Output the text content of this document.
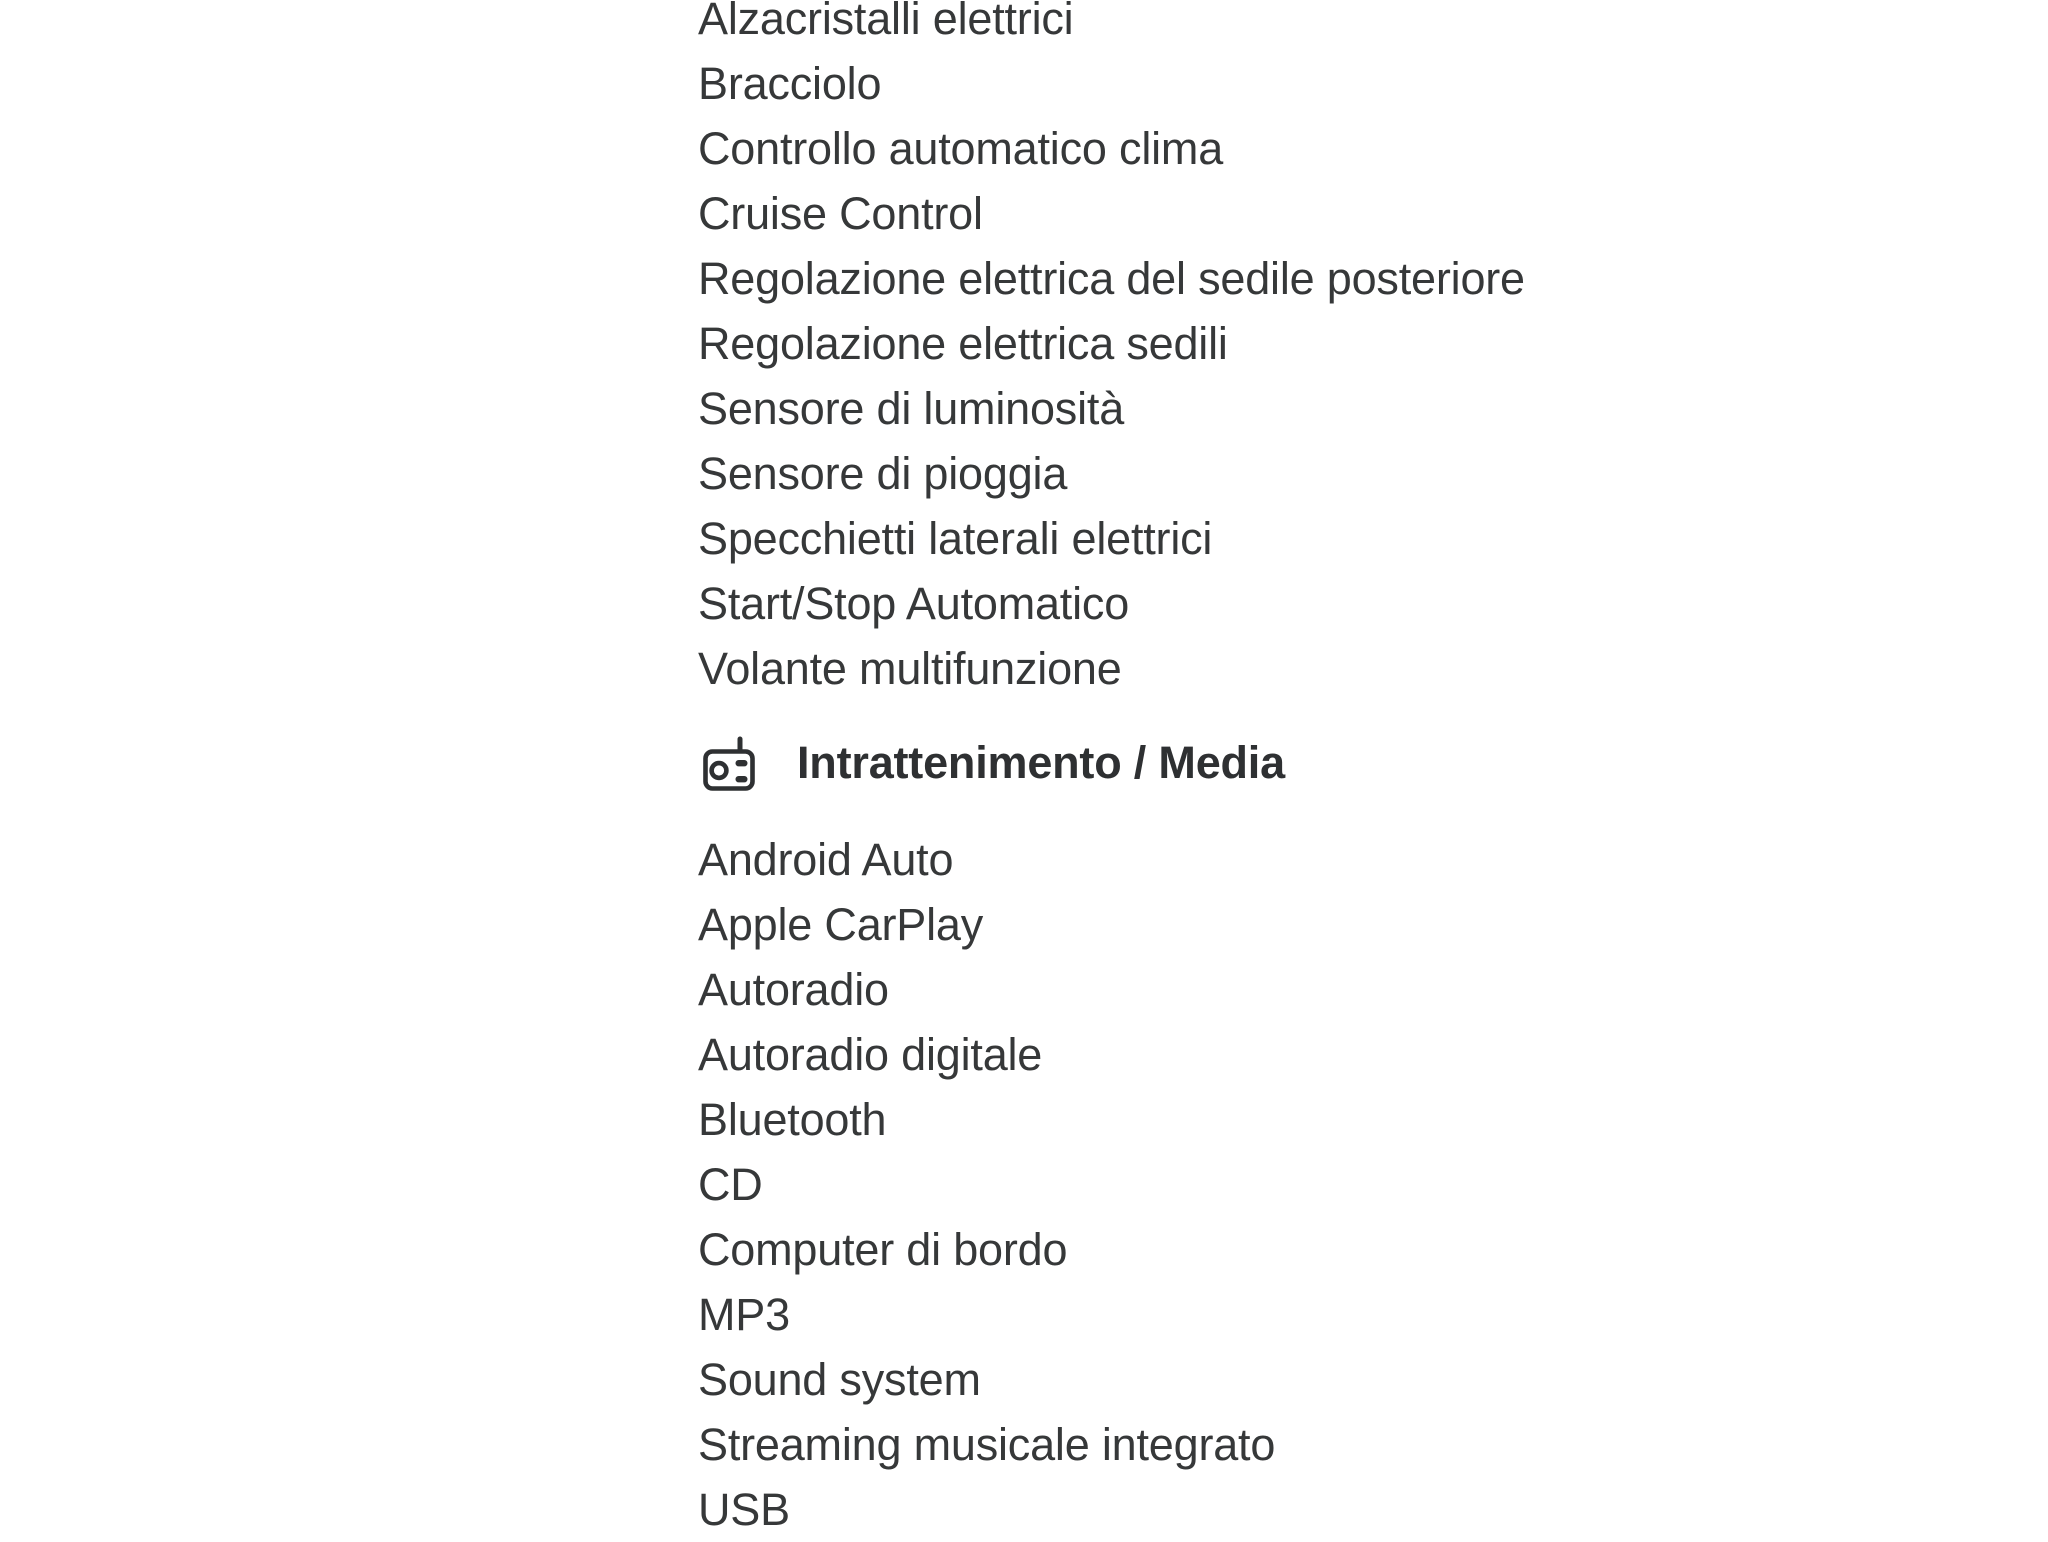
Alzacristalli elettrici
Bracciolo
Controllo automatico clima
Cruise Control
Regolazione elettrica del sedile posteriore
Regolazione elettrica sedili
Sensore di luminosità
Sensore di pioggia
Specchietti laterali elettrici
Start/Stop Automatico
Volante multifunzione
Intrattenimento / Media
Android Auto
Apple CarPlay
Autoradio
Autoradio digitale
Bluetooth
CD
Computer di bordo
MP3
Sound system
Streaming musicale integrato
USB
